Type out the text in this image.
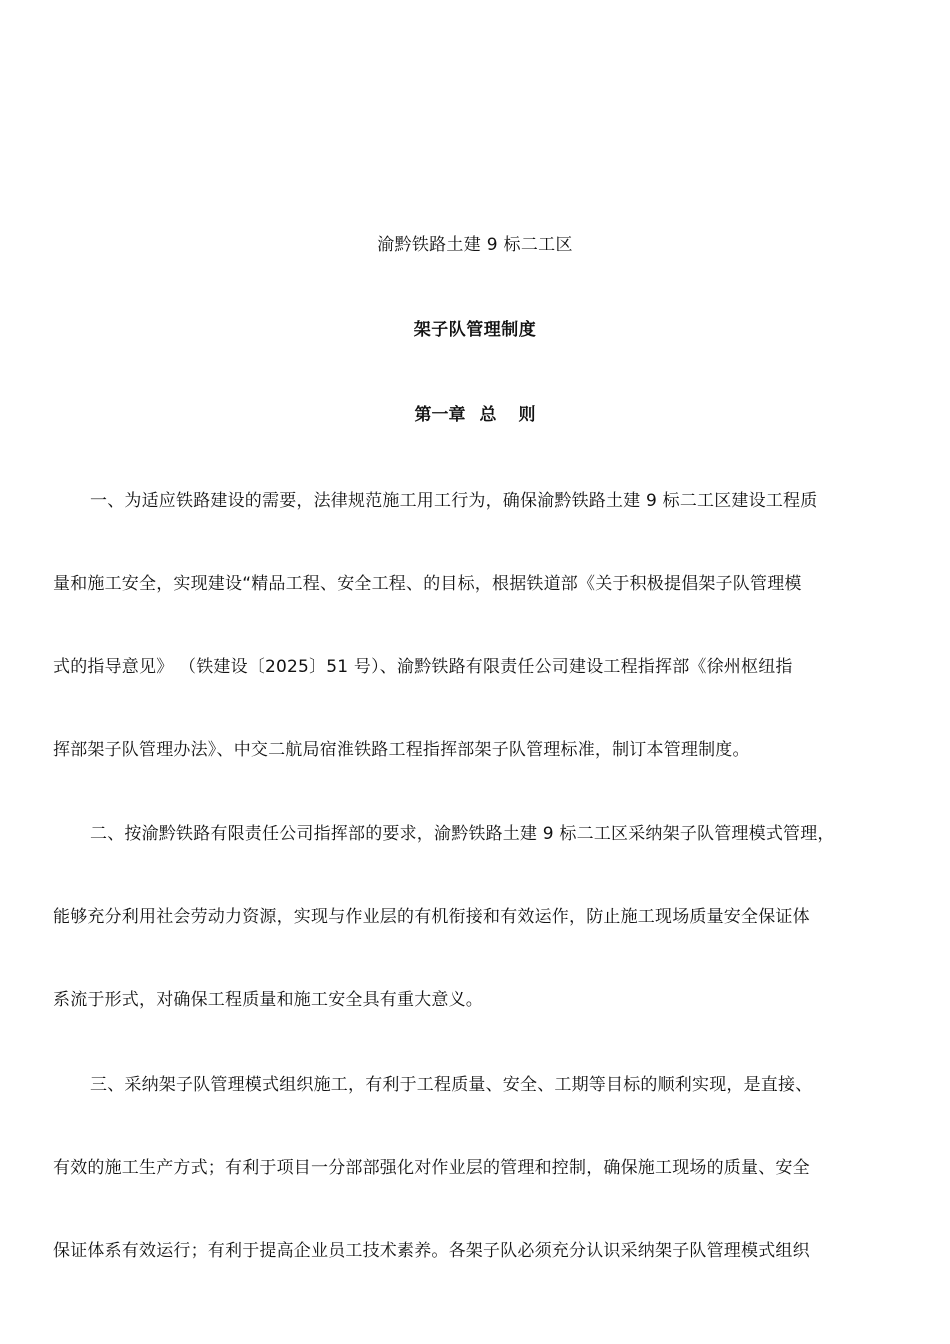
渝黔铁路土建 9 标二工区
架子队管理制度
第一章 总 则
一、为适应铁路建设的需要，法律规范施工用工行为，确保渝黔铁路土建 9 标二工区建设工程质
量和施工安全，实现建设“精品工程、安全工程、的目标，根据铁道部《关于积极提倡架子队管理模
式的指导意见》 （铁建设〔2025〕51 号）、渝黔铁路有限责任公司建设工程指挥部《徐州枢纽指
挥部架子队管理办法》、中交二航局宿淮铁路工程指挥部架子队管理标准，制订本管理制度。
二、按渝黔铁路有限责任公司指挥部的要求，渝黔铁路土建 9 标二工区采纳架子队管理模式管理，
能够充分利用社会劳动力资源，实现与作业层的有机衔接和有效运作，防止施工现场质量安全保证体
系流于形式，对确保工程质量和施工安全具有重大意义。
三、采纳架子队管理模式组织施工，有利于工程质量、安全、工期等目标的顺利实现，是直接、
有效的施工生产方式；有利于项目一分部部强化对作业层的管理和控制，确保施工现场的质量、安全
保证体系有效运行；有利于提高企业员工技术素养。各架子队必须充分认识采纳架子队管理模式组织
